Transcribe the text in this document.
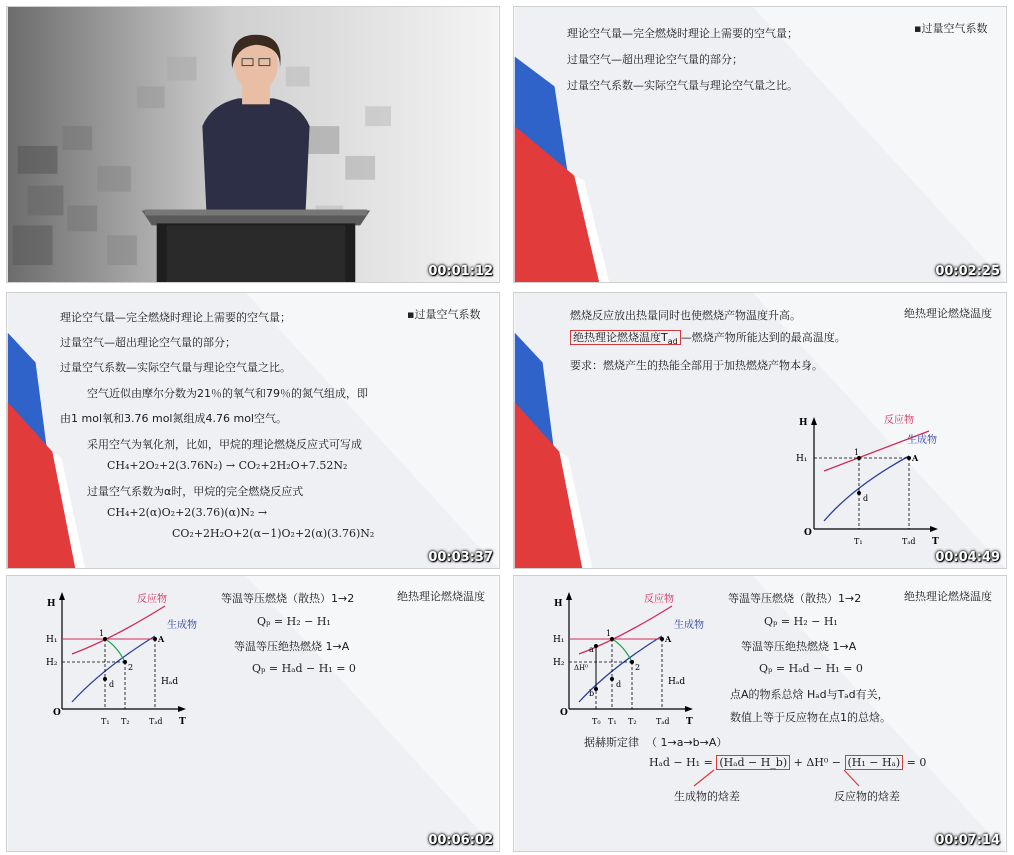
00:01:12
▪过量空气系数
理论空气量—完全燃烧时理论上需要的空气量；
过量空气—超出理论空气量的部分；
过量空气系数—实际空气量与理论空气量之比。
00:02:25
▪过量空气系数
理论空气量—完全燃烧时理论上需要的空气量；
过量空气—超出理论空气量的部分；
过量空气系数—实际空气量与理论空气量之比。
空气近似由摩尔分数为21％的氧气和79％的氮气组成，即
由1 mol氧和3.76 mol氮组成4.76 mol空气。
采用空气为氧化剂，比如，甲烷的理论燃烧反应式可写成
CH₄+2O₂+2(3.76N₂) → CO₂+2H₂O+7.52N₂
过量空气系数为α时，甲烷的完全燃烧反应式
CH₄+2(α)O₂+2(3.76)(α)N₂ →
CO₂+2H₂O+2(α−1)O₂+2(α)(3.76)N₂
00:03:37
绝热理论燃烧温度
燃烧反应放出热量同时也使燃烧产物温度升高。
绝热理论燃烧温度$T_{ad}$ —燃烧产物所能达到的最高温度。
要求：燃烧产生的热能全部用于加热燃烧产物本身。
反应物
生成物
H
H₁
O
T₁	Tₐd T
1
d
A
00:04:49
绝热理论燃烧温度
反应物
生成物
H
H₁
H₂
Hₐd
O
T₁ T₂ Tₐd T
1
2
d
A
等温等压燃烧（散热）1→2
Qₚ = H₂ − H₁
等温等压绝热燃烧 1→A
Qₚ = Hₐd − H₁ = 0
00:06:02
绝热理论燃烧温度
反应物
生成物
H
H₁
H₂ ΔH⁰
Hₐd
O
T₀ T₁ T₂ Tₐd T
1
2
a
b
d
A
等温等压燃烧（散热）1→2
Qₚ = H₂ − H₁
等温等压绝热燃烧 1→A
Qₚ = Hₐd − H₁ = 0
点A的物系总焓 Hₐd与Tₐd有关，
数值上等于反应物在点1的总焓。
据赫斯定律 （ 1→a→b→A）
Hₐd − H₁ = (Hₐd − H_b) + ΔH⁰ − (H₁ − Hₐ) = 0
生成物的焓差	反应物的焓差
00:07:14
